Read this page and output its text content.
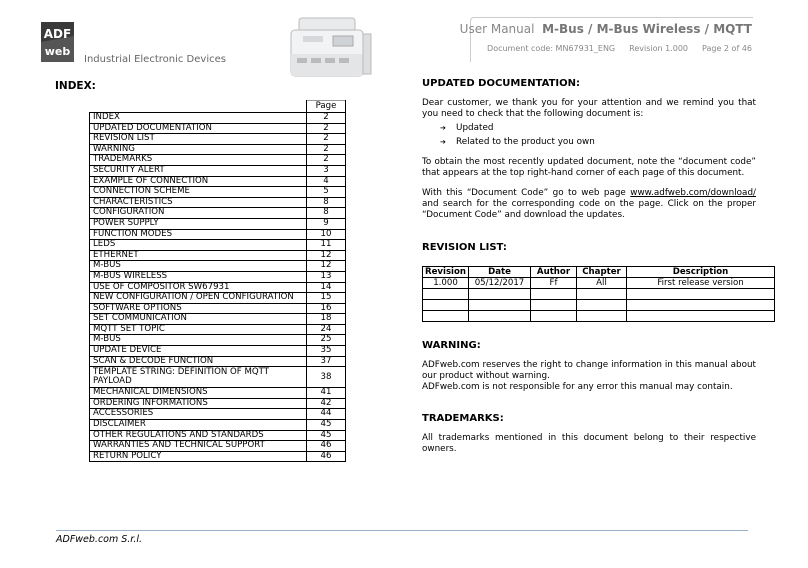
ADF
web
Industrial Electronic Devices
User Manual M-Bus / M-Bus Wireless / MQTT
Document code: MN67931_ENG Revision 1.000 Page 2 of 46
INDEX:
	Page
INDEX	2
UPDATED DOCUMENTATION	2
REVISION LIST	2
WARNING	2
TRADEMARKS	2
SECURITY ALERT	3
EXAMPLE OF CONNECTION	4
CONNECTION SCHEME	5
CHARACTERISTICS	8
CONFIGURATION	8
POWER SUPPLY	9
FUNCTION MODES	10
LEDS	11
ETHERNET	12
M-BUS	12
M-BUS WIRELESS	13
USE OF COMPOSITOR SW67931	14
NEW CONFIGURATION / OPEN CONFIGURATION	15
SOFTWARE OPTIONS	16
SET COMMUNICATION	18
MQTT SET TOPIC	24
M-BUS	25
UPDATE DEVICE	35
SCAN & DECODE FUNCTION	37
TEMPLATE STRING: DEFINITION OF MQTT PAYLOAD	38
MECHANICAL DIMENSIONS	41
ORDERING INFORMATIONS	42
ACCESSORIES	44
DISCLAIMER	45
OTHER REGULATIONS AND STANDARDS	45
WARRANTIES AND TECHNICAL SUPPORT	46
RETURN POLICY	46
UPDATED DOCUMENTATION:
Dear customer, we thank you for your attention and we remind you that you need to check that the following document is:

➔ Updated

➔ Related to the product you own

To obtain the most recently updated document, note the “document code” that appears at the top right-hand corner of each page of this document.
With this “Document Code” go to web page www.adfweb.com/download/ and search for the corresponding code on the page. Click on the proper “Document Code” and download the updates.
REVISION LIST:
Revision	Date	Author	Chapter	Description
1.000	05/12/2017	Ff	All	First release version

WARNING:
ADFweb.com reserves the right to change information in this manual about our product without warning.
ADFweb.com is not responsible for any error this manual may contain.
TRADEMARKS:
All trademarks mentioned in this document belong to their respective owners.
ADFweb.com S.r.l.
